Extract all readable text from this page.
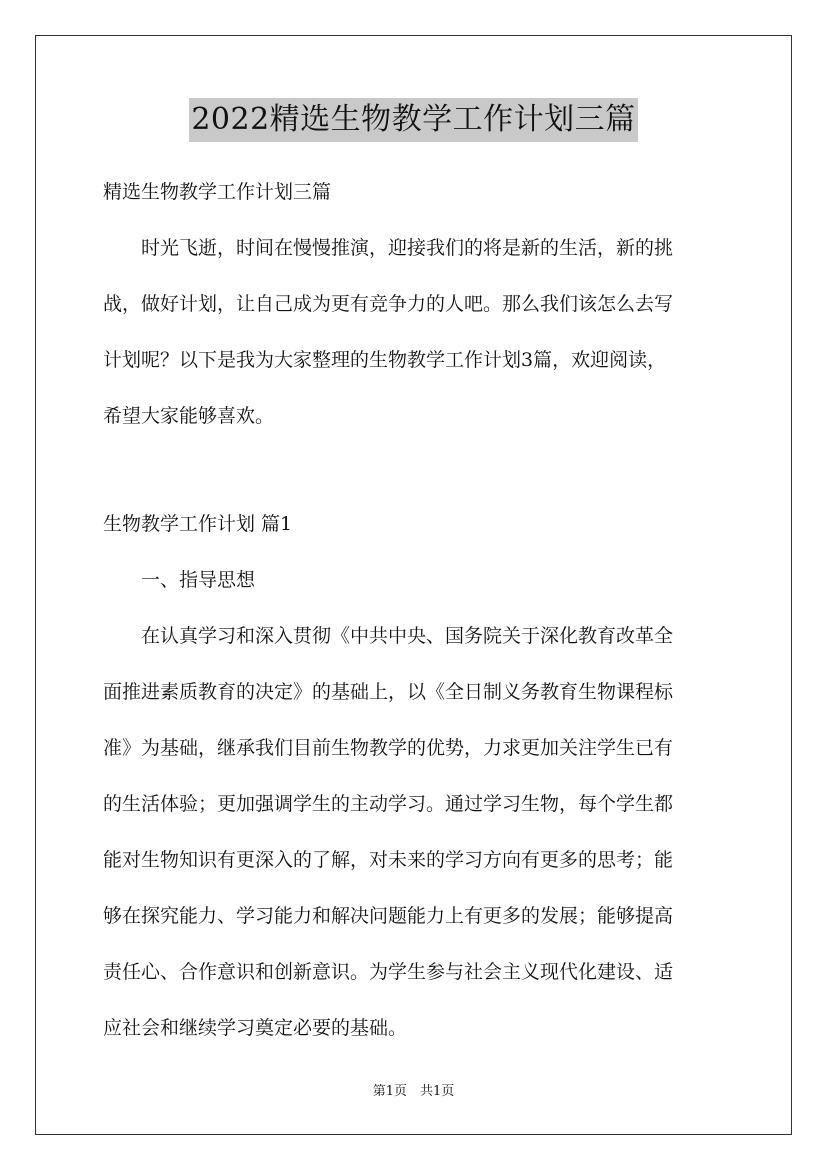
2022精选生物教学工作计划三篇
精选生物教学工作计划三篇
　　时光飞逝，时间在慢慢推演，迎接我们的将是新的生活，新的挑
战，做好计划，让自己成为更有竞争力的人吧。那么我们该怎么去写
计划呢？以下是我为大家整理的生物教学工作计划3篇，欢迎阅读，
希望大家能够喜欢。
生物教学工作计划 篇1
　　一、指导思想
　　在认真学习和深入贯彻《中共中央、国务院关于深化教育改革全
面推进素质教育的决定》的基础上，以《全日制义务教育生物课程标
准》为基础，继承我们目前生物教学的优势，力求更加关注学生已有
的生活体验；更加强调学生的主动学习。通过学习生物，每个学生都
能对生物知识有更深入的了解，对未来的学习方向有更多的思考；能
够在探究能力、学习能力和解决问题能力上有更多的发展；能够提高
责任心、合作意识和创新意识。为学生参与社会主义现代化建设、适
应社会和继续学习奠定必要的基础。
第1页　共1页
